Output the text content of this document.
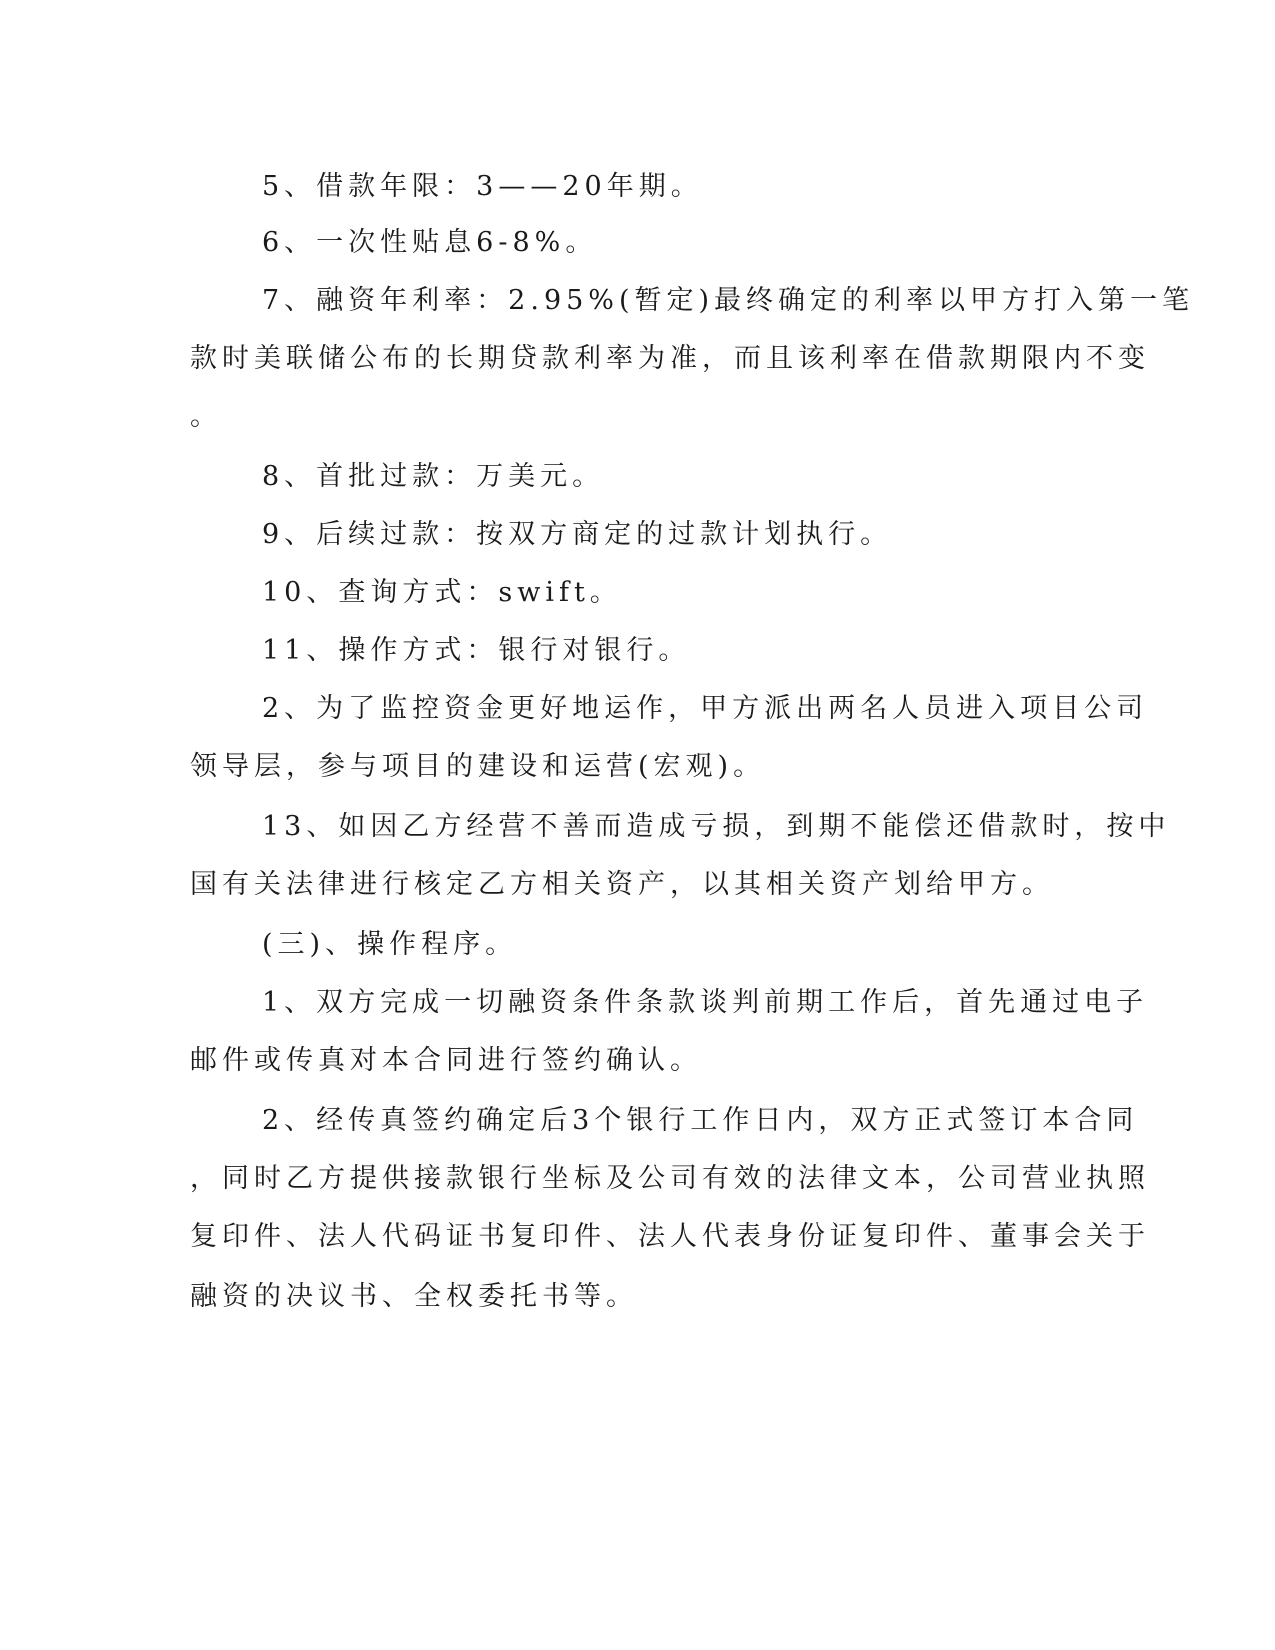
5、借款年限：3——20年期。
6、一次性贴息6-8%。
7、融资年利率：2.95%(暂定)最终确定的利率以甲方打入第一笔
款时美联储公布的长期贷款利率为准，而且该利率在借款期限内不变
。
8、首批过款：万美元。
9、后续过款：按双方商定的过款计划执行。
10、查询方式：swift。
11、操作方式：银行对银行。
2、为了监控资金更好地运作，甲方派出两名人员进入项目公司
领导层，参与项目的建设和运营(宏观)。
13、如因乙方经营不善而造成亏损，到期不能偿还借款时，按中
国有关法律进行核定乙方相关资产，以其相关资产划给甲方。
(三)、操作程序。
1、双方完成一切融资条件条款谈判前期工作后，首先通过电子
邮件或传真对本合同进行签约确认。
2、经传真签约确定后3个银行工作日内，双方正式签订本合同
，同时乙方提供接款银行坐标及公司有效的法律文本，公司营业执照
复印件、法人代码证书复印件、法人代表身份证复印件、董事会关于
融资的决议书、全权委托书等。
